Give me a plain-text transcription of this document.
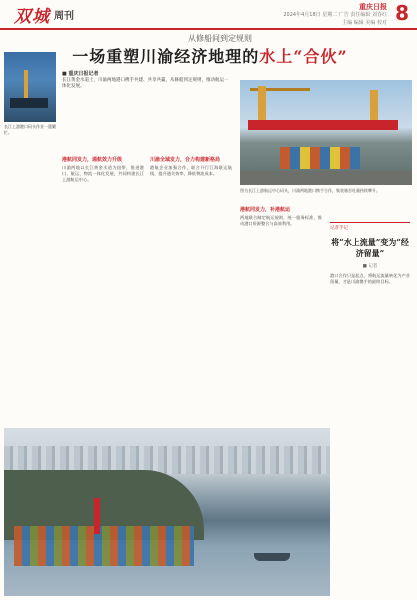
双城 周刊
重庆日报
2024年4月18日 星期二 广告 责任编辑 刘春红
主编 编辑 美编 校对 8
从修船间到定规则
一场重塑川渝经济地理的水上“合伙”
长江上游港口码头作业一派繁忙。
■ 重庆日报记者
长江黄金水道上，川渝两地港口携手共建、共享共赢，从修船到定规则，推动航运一体化发展。
港航同发力，通航效力升级
川渝两地以长江黄金水道为纽带，推进港口、航运、物流一体化发展，共同构建长江上游航运中心。
川渝全域发力，合力构建新格局
港航企业加强合作，联合开行江海联运航线，提升通关效率，降低物流成本。
图为长江上游航运中心码头，川渝两地港口携手合作，集装箱吞吐量持续攀升。
港航同发力，补港航运
两地联合制定航运规则，统一服务标准，推动港口资源整合与高效利用。
记者手记
将“水上流量”变为“经济留量”
■ 记者
港口合作只是起点，将航运流量转化为产业留量，才是川渝携手的最终目标。
